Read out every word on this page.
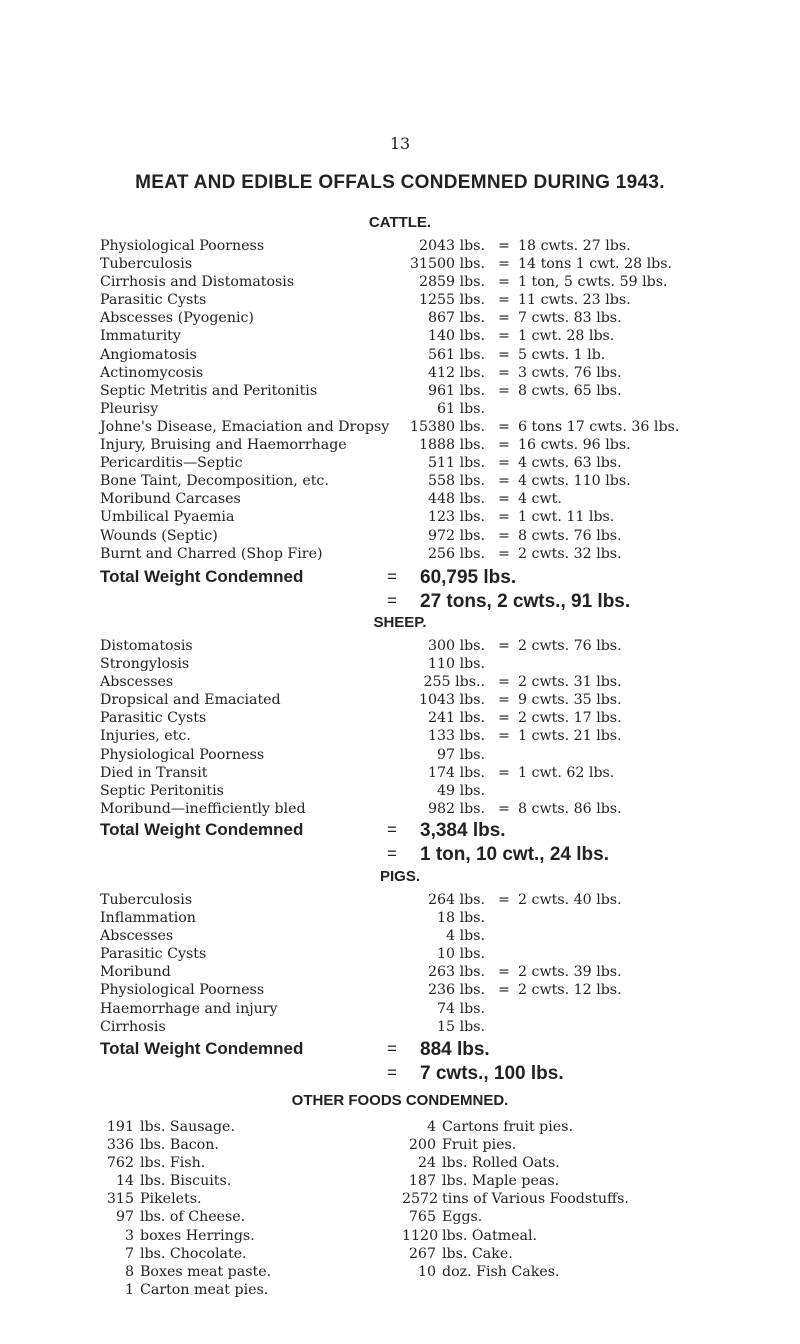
13
MEAT AND EDIBLE OFFALS CONDEMNED DURING 1943.
CATTLE.
Physiological Poorness	2043 lbs. = 18 cwts. 27 lbs.
Tuberculosis	31500 lbs. = 14 tons 1 cwt. 28 lbs.
Cirrhosis and Distomatosis	2859 lbs. = 1 ton, 5 cwts. 59 lbs.
Parasitic Cysts	1255 lbs. = 11 cwts. 23 lbs.
Abscesses (Pyogenic)	867 lbs. = 7 cwts. 83 lbs.
Immaturity	140 lbs. = 1 cwt. 28 lbs.
Angiomatosis	561 lbs. = 5 cwts. 1 lb.
Actinomycosis	412 lbs. = 3 cwts. 76 lbs.
Septic Metritis and Peritonitis	961 lbs. = 8 cwts. 65 lbs.
Pleurisy	61 lbs.
Johne's Disease, Emaciation and Dropsy	15380 lbs. = 6 tons 17 cwts. 36 lbs.
Injury, Bruising and Haemorrhage	1888 lbs. = 16 cwts. 96 lbs.
Pericarditis—Septic	511 lbs. = 4 cwts. 63 lbs.
Bone Taint, Decomposition, etc.	558 lbs. = 4 cwts. 110 lbs.
Moribund Carcases	448 lbs. = 4 cwt.
Umbilical Pyaemia	123 lbs. = 1 cwt. 11 lbs.
Wounds (Septic)	972 lbs. = 8 cwts. 76 lbs.
Burnt and Charred (Shop Fire)	256 lbs. = 2 cwts. 32 lbs.
Total Weight Condemned	= 60,795 lbs.
= 27 tons, 2 cwts., 91 lbs.
SHEEP.
Distomatosis	300 lbs. = 2 cwts. 76 lbs.
Strongylosis	110 lbs.
Abscesses	255 lbs.. = 2 cwts. 31 lbs.
Dropsical and Emaciated	1043 lbs. = 9 cwts. 35 lbs.
Parasitic Cysts	241 lbs. = 2 cwts. 17 lbs.
Injuries, etc.	133 lbs. = 1 cwts. 21 lbs.
Physiological Poorness	97 lbs.
Died in Transit	174 lbs. = 1 cwt. 62 lbs.
Septic Peritonitis	49 lbs.
Moribund—inefficiently bled	982 lbs. = 8 cwts. 86 lbs.
Total Weight Condemned	= 3,384 lbs.
= 1 ton, 10 cwt., 24 lbs.
PIGS.
Tuberculosis	264 lbs. = 2 cwts. 40 lbs.
Inflammation	18 lbs.
Abscesses	4 lbs.
Parasitic Cysts	10 lbs.
Moribund	263 lbs. = 2 cwts. 39 lbs.
Physiological Poorness	236 lbs. = 2 cwts. 12 lbs.
Haemorrhage and injury	74 lbs.
Cirrhosis	15 lbs.
Total Weight Condemned	= 884 lbs.
= 7 cwts., 100 lbs.
OTHER FOODS CONDEMNED.
191 lbs. Sausage.
336 lbs. Bacon.
762 lbs. Fish.
14 lbs. Biscuits.
315 Pikelets.
97 lbs. of Cheese.
3 boxes Herrings.
7 lbs. Chocolate.
8 Boxes meat paste.
1 Carton meat pies.
4 Cartons fruit pies.
200 Fruit pies.
24 lbs. Rolled Oats.
187 lbs. Maple peas.
2572 tins of Various Foodstuffs.
765 Eggs.
1120 lbs. Oatmeal.
267 lbs. Cake.
10 doz. Fish Cakes.
